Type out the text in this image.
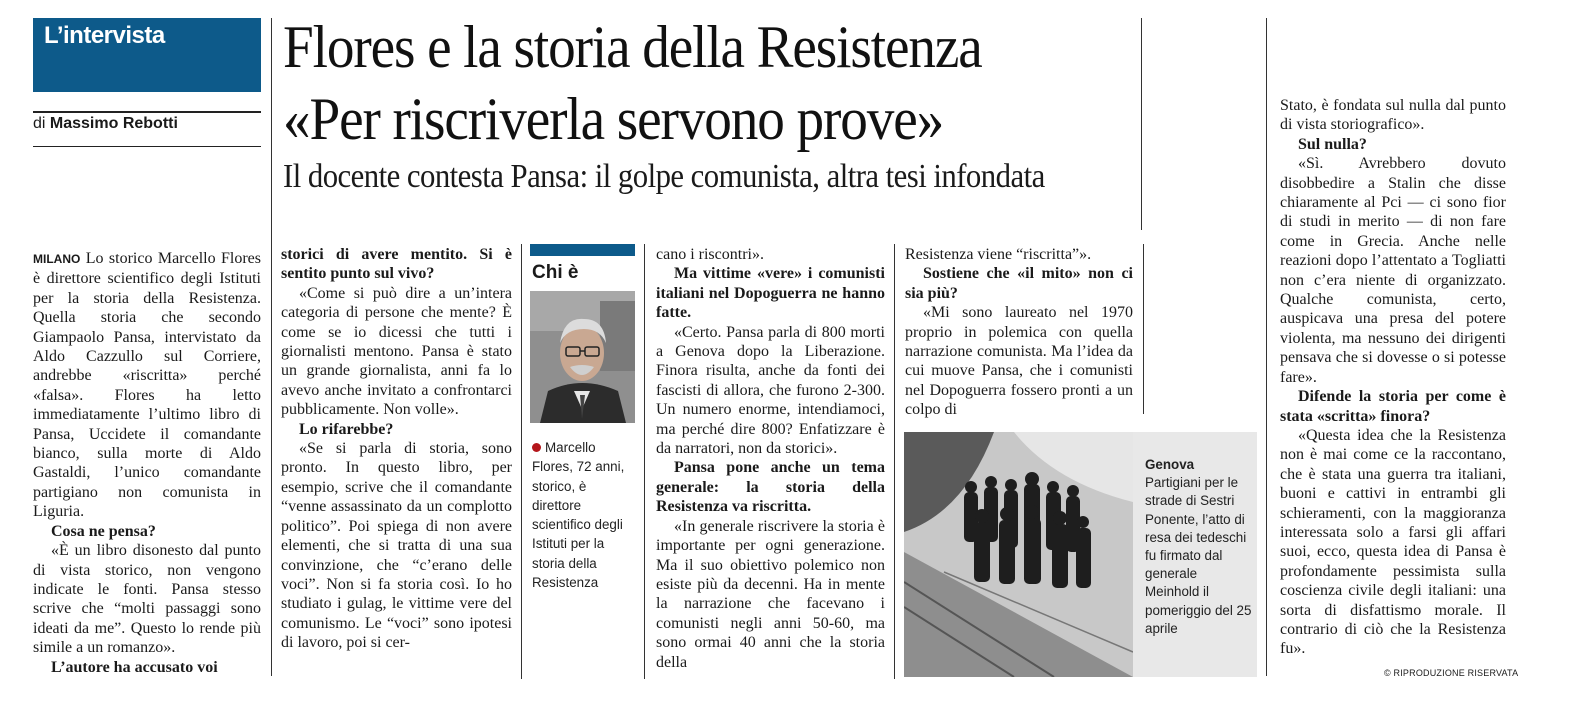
L’intervista
di Massimo Rebotti
Flores e la storia della Resistenza
«Per riscriverla servono prove»
Il docente contesta Pansa: il golpe comunista, altra tesi infondata

MILANO Lo storico Marcello Flores è direttore scientifico degli Istituti per la storia della Resistenza. Quella storia che secondo Giampaolo Pansa, intervistato da Aldo Cazzullo sul Corriere, andrebbe «riscritta» perché «falsa». Flores ha letto immediatamente l’ultimo libro di Pansa, Uccidete il comandante bianco, sulla morte di Aldo Gastaldi, l’unico comandante partigiano non comunista in Liguria.

Cosa ne pensa?

«È un libro disonesto dal punto di vista storico, non vengono indicate le fonti. Pansa stesso scrive che “molti passaggi sono ideati da me”. Questo lo rende più simile a un romanzo».

L’autore ha accusato voi

storici di avere mentito. Si è sentito punto sul vivo?

«Come si può dire a un’intera categoria di persone che mente? È come se io dicessi che tutti i giornalisti mentono. Pansa è stato un grande giornalista, anni fa lo avevo anche invitato a confrontarci pubblicamente. Non volle».

Lo rifarebbe?

«Se si parla di storia, sono pronto. In questo libro, per esempio, scrive che il comandante “venne assassinato da un complotto politico”. Poi spiega di non avere elementi, che si tratta di una sua convinzione, che “c’erano delle voci”. Non si fa storia così. Io ho studiato i gulag, le vittime vere del comunismo. Le “voci” sono ipotesi di lavoro, poi si cer-

cano i riscontri».

Ma vittime «vere» i comunisti italiani nel Dopoguerra ne hanno fatte.

«Certo. Pansa parla di 800 morti a Genova dopo la Liberazione. Finora risulta, anche da fonti dei fascisti di allora, che furono 2-300. Un numero enorme, intendiamoci, ma perché dire 800? Enfatizzare è da narratori, non da storici».

Pansa pone anche un tema generale: la storia della Resistenza va riscritta.

«In generale riscrivere la storia è importante per ogni generazione. Ma il suo obiettivo polemico non esiste più da decenni. Ha in mente la narrazione che facevano i comunisti negli anni 50-60, ma sono ormai 40 anni che la storia della

Resistenza viene “riscritta”».

Sostiene che «il mito» non ci sia più?

«Mi sono laureato nel 1970 proprio in polemica con quella narrazione comunista. Ma l’idea da cui muove Pansa, che i comunisti nel Dopoguerra fossero pronti a un colpo di

Stato, è fondata sul nulla dal punto di vista storiografico».

Sul nulla?

«Sì. Avrebbero dovuto disobbedire a Stalin che disse chiaramente al Pci — ci sono fior di studi in merito — di non fare come in Grecia. Anche nelle reazioni dopo l’attentato a Togliatti non c’era niente di organizzato. Qualche comunista, certo, auspicava una presa del potere violenta, ma nessuno dei dirigenti pensava che si dovesse o si potesse fare».

Difende la storia per come è stata «scritta» finora?

«Questa idea che la Resistenza non è mai come ce la raccontano, che è stata una guerra tra italiani, buoni e cattivi in entrambi gli schieramenti, con la maggioranza interessata solo a farsi gli affari suoi, ecco, questa idea di Pansa è profondamente pessimista sulla coscienza civile degli italiani: una sorta di disfattismo morale. Il contrario di ciò che la Resistenza fu».

Chi è
Marcello Flores, 72 anni, storico, è direttore scientifico degli Istituti per la storia della Resistenza
Genova
Partigiani per le strade di Sestri Ponente, l’atto di resa dei tedeschi fu firmato dal generale Meinhold il pomeriggio del 25 aprile
© RIPRODUZIONE RISERVATA
